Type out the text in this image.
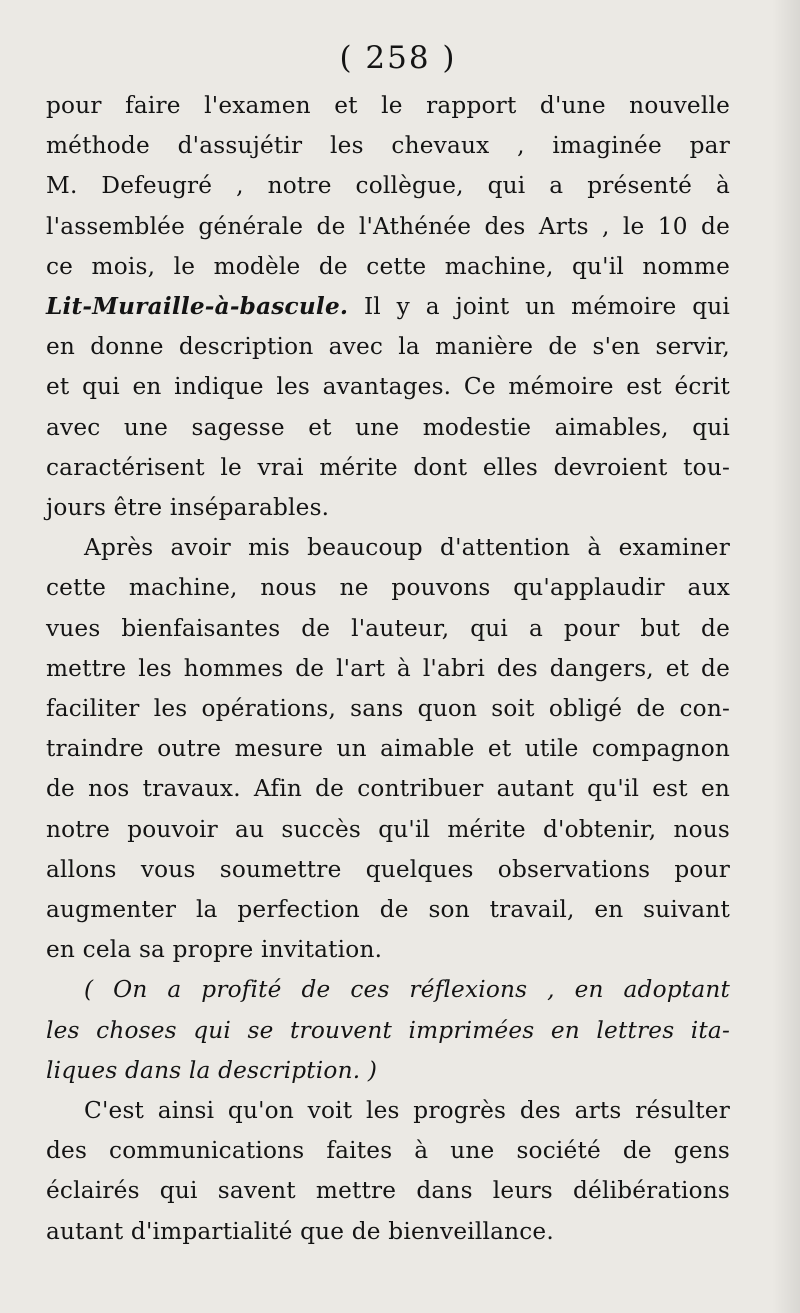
( 258 )
pour faire l'examen et le rapport d'une nouvelle
méthode d'assujétir les chevaux , imaginée par
M. Defeugré , notre collègue, qui a présenté à
l'assemblée générale de l'Athénée des Arts , le 10 de
ce mois, le modèle de cette machine, qu'il nomme
Lit-Muraille-à-bascule. Il y a joint un mémoire qui
en donne description avec la manière de s'en servir,
et qui en indique les avantages. Ce mémoire est écrit
avec une sagesse et une modestie aimables, qui
caractérisent le vrai mérite dont elles devroient tou-
jours être inséparables.
Après avoir mis beaucoup d'attention à examiner
cette machine, nous ne pouvons qu'applaudir aux
vues bienfaisantes de l'auteur, qui a pour but de
mettre les hommes de l'art à l'abri des dangers, et de
faciliter les opérations, sans quon soit obligé de con-
traindre outre mesure un aimable et utile compagnon
de nos travaux. Afin de contribuer autant qu'il est en
notre pouvoir au succès qu'il mérite d'obtenir, nous
allons vous soumettre quelques observations pour
augmenter la perfection de son travail, en suivant
en cela sa propre invitation.
( On a profité de ces réflexions , en adoptant
les choses qui se trouvent imprimées en lettres ita-
liques dans la description. )
C'est ainsi qu'on voit les progrès des arts résulter
des communications faites à une société de gens
éclairés qui savent mettre dans leurs délibérations
autant d'impartialité que de bienveillance.
